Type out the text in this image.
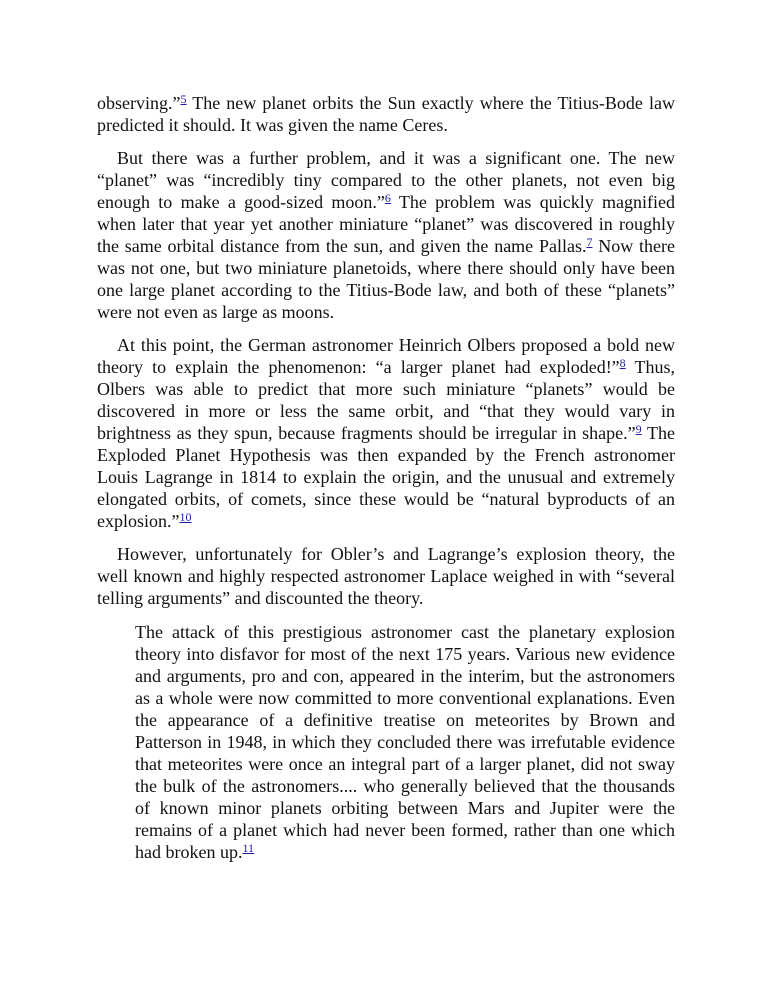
observing.”$^5$ The new planet orbits the Sun exactly where the Titius-Bode law predicted it should. It was given the name Ceres.

But there was a further problem, and it was a significant one. The new “planet” was “incredibly tiny compared to the other planets, not even big enough to make a good-sized moon.”$^6$ The problem was quickly magnified when later that year yet another miniature “planet” was discovered in roughly the same orbital distance from the sun, and given the name Pallas.$^7$ Now there was not one, but two miniature planetoids, where there should only have been one large planet according to the Titius-Bode law, and both of these “planets” were not even as large as moons.

At this point, the German astronomer Heinrich Olbers proposed a bold new theory to explain the phenomenon: “a larger planet had exploded!”$^8$ Thus, Olbers was able to predict that more such miniature “planets” would be discovered in more or less the same orbit, and “that they would vary in brightness as they spun, because fragments should be irregular in shape.”$^9$ The Exploded Planet Hypothesis was then expanded by the French astronomer Louis Lagrange in 1814 to explain the origin, and the unusual and extremely elongated orbits, of comets, since these would be “natural byproducts of an explosion.”$^{10}$

However, unfortunately for Obler’s and Lagrange’s explosion theory, the well known and highly respected astronomer Laplace weighed in with “several telling arguments” and discounted the theory.

The attack of this prestigious astronomer cast the planetary explosion theory into disfavor for most of the next 175 years. Various new evidence and arguments, pro and con, appeared in the interim, but the astronomers as a whole were now committed to more conventional explanations. Even the appearance of a definitive treatise on meteorites by Brown and Patterson in 1948, in which they concluded there was irrefutable evidence that meteorites were once an integral part of a larger planet, did not sway the bulk of the astronomers.... who generally believed that the thousands of known minor planets orbiting between Mars and Jupiter were the remains of a planet which had never been formed, rather than one which had broken up.$^{11}$
